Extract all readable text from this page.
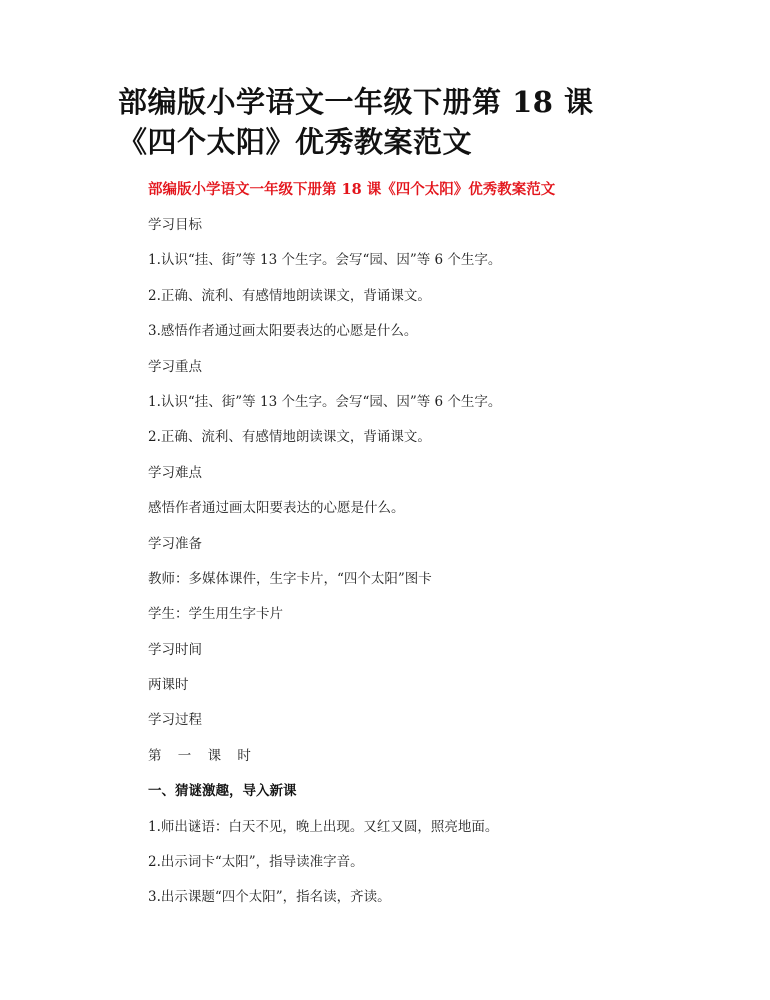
部编版小学语文一年级下册第 18 课
《四个太阳》优秀教案范文

部编版小学语文一年级下册第 18 课《四个太阳》优秀教案范文

学习目标
1.认识“挂、街”等 13 个生字。会写“园、因”等 6 个生字。
2.正确、流利、有感情地朗读课文，背诵课文。
3.感悟作者通过画太阳要表达的心愿是什么。
学习重点
1.认识“挂、街”等 13 个生字。会写“园、因”等 6 个生字。
2.正确、流利、有感情地朗读课文，背诵课文。
学习难点
感悟作者通过画太阳要表达的心愿是什么。
学习准备
教师：多媒体课件，生字卡片，“四个太阳”图卡
学生：学生用生字卡片
学习时间
两课时
学习过程
第 一 课 时
一、猜谜激趣，导入新课
1.师出谜语：白天不见，晚上出现。又红又圆，照亮地面。
2.出示词卡“太阳”，指导读准字音。
3.出示课题“四个太阳”，指名读，齐读。
